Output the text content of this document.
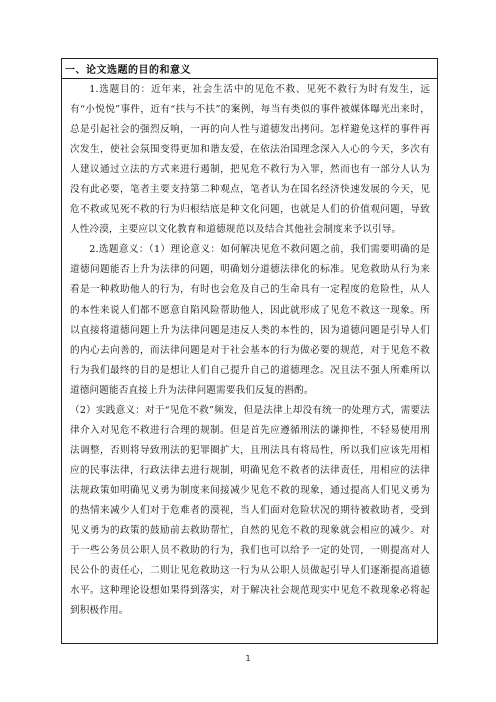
一、论文选题的目的和意义

1.选题目的：近年来，社会生活中的见危不救、见死不救行为时有发生，远有“小悦悦”事件，近有“扶与不扶”的案例，每当有类似的事件被媒体曝光出来时，总是引起社会的强烈反响，一再的向人性与道德发出拷问。怎样避免这样的事件再次发生，使社会氛围变得更加和谐友爱，在依法治国理念深入人心的今天，多次有人建议通过立法的方式来进行遏制，把见危不救行为入罪，然而也有一部分人认为没有此必要，笔者主要支持第二种观点，笔者认为在国名经济快速发展的今天，见危不救或见死不救的行为归根结底是种文化问题，也就是人们的价值观问题，导致人性冷漠，主要应以文化教育和道德规范以及结合其他社会制度来予以引导。

2.选题意义：（1）理论意义：如何解决见危不救问题之前，我们需要明确的是道德问题能否上升为法律的问题，明确划分道德法律化的标准。见危救助从行为来看是一种救助他人的行为，有时也会危及自己的生命具有一定程度的危险性，从人的本性来说人们都不愿意自陷风险帮助他人，因此就形成了见危不救这一现象。所以直接将道德问题上升为法律问题是违反人类的本性的，因为道德问题是引导人们的内心去向善的，而法律问题是对于社会基本的行为做必要的规范，对于见危不救行为我们最终的目的是想让人们自己提升自己的道德理念。况且法不强人所难所以道德问题能否直接上升为法律问题需要我们反复的斟酌。

（2）实践意义：对于“见危不救”频发，但是法律上却没有统一的处理方式，需要法律介入对见危不救进行合理的规制。但是首先应遵循刑法的谦抑性，不轻易使用刑法调整，否则将导致刑法的犯罪圈扩大，且刑法具有将局性，所以我们应该先用相应的民事法律，行政法律去进行规制，明确见危不救者的法律责任，用相应的法律法规政策如明确见义勇为制度来间接减少见危不救的现象，通过提高人们见义勇为的热情来减少人们对于危难者的漠视，当人们面对危险状况的期待被救助者，受到见义勇为的政策的鼓励前去救助帮忙，自然的见危不救的现象就会相应的减少。对于一些公务员公职人员不救助的行为，我们也可以给予一定的处罚，一则提高对人民公仆的责任心，二则让见危救助这一行为从公职人员做起引导人们逐渐提高道德水平。这种理论设想如果得到落实，对于解决社会规范现实中见危不救现象必将起到积极作用。

1
